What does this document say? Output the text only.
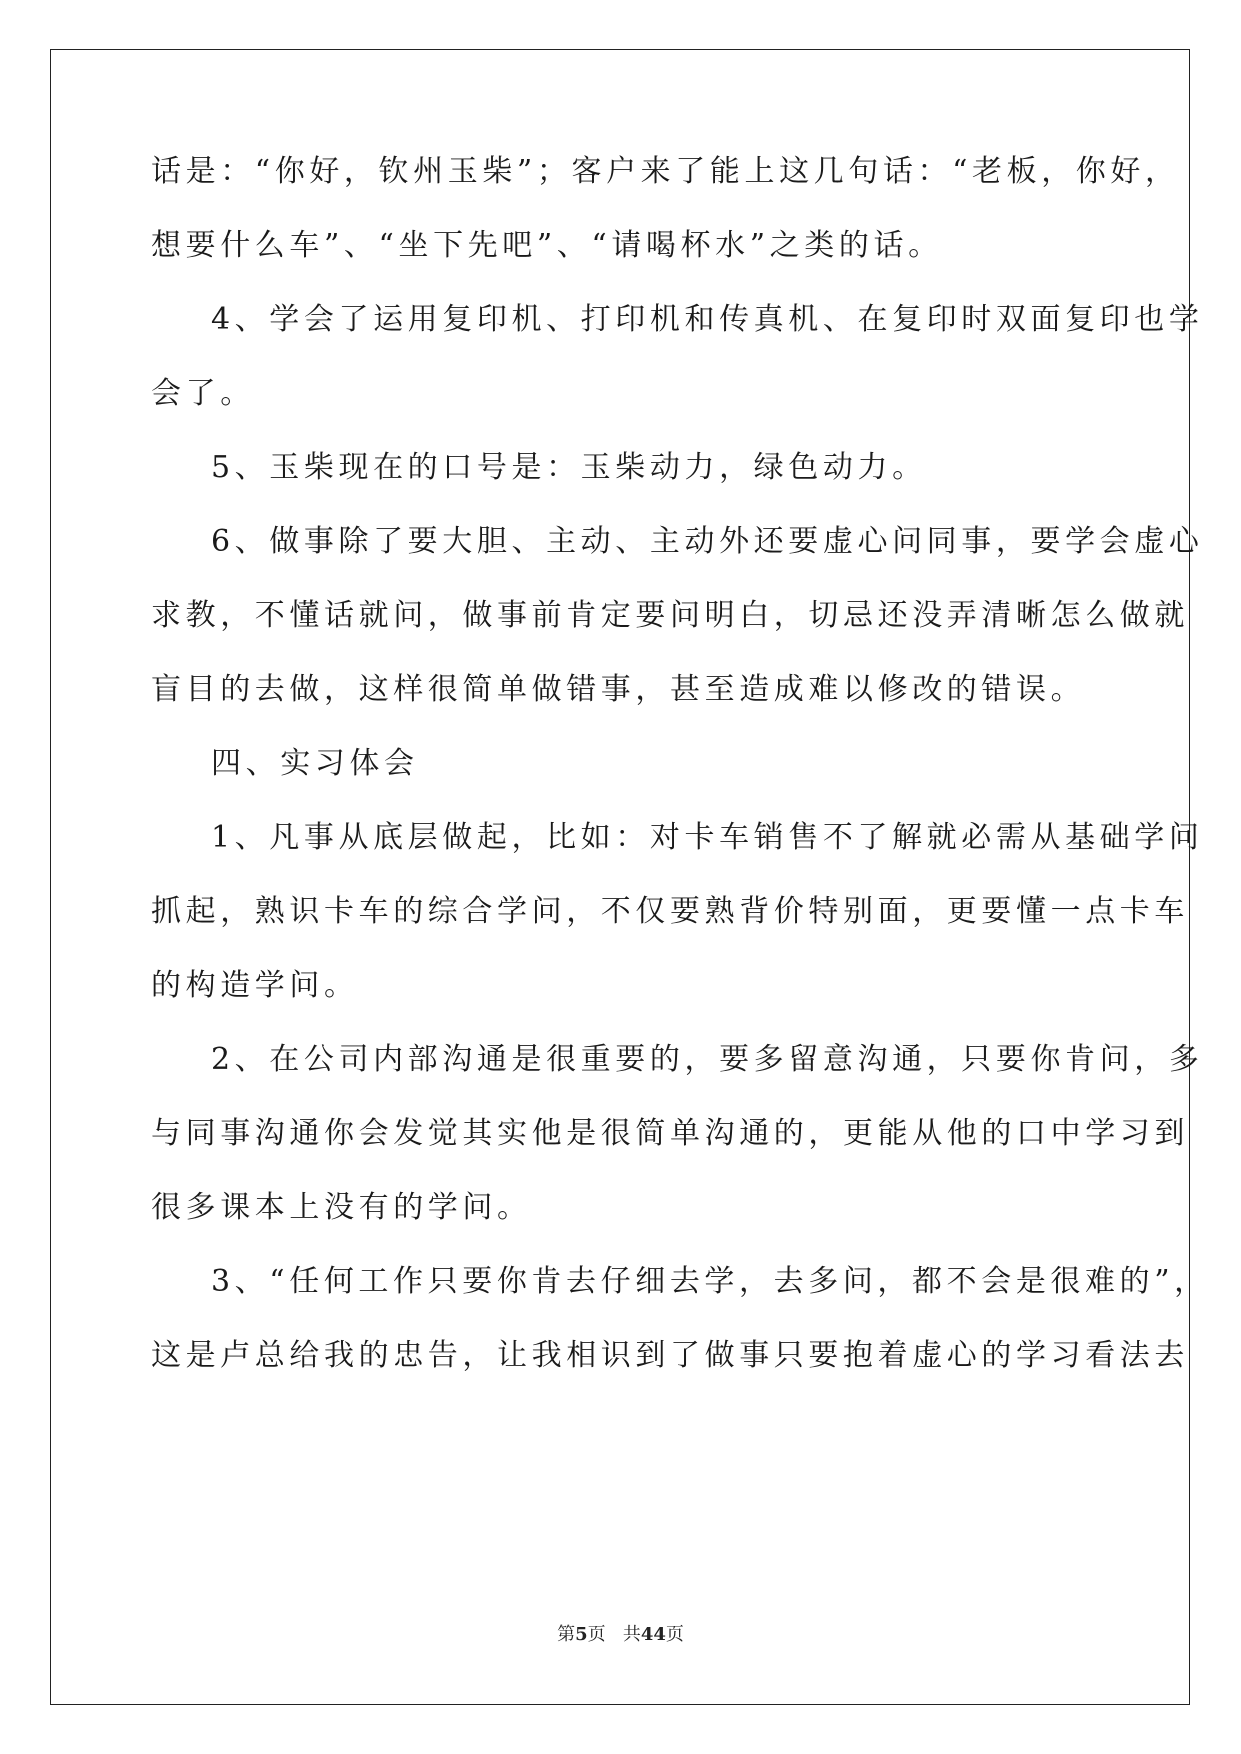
话是：“你好，钦州玉柴”；客户来了能上这几句话：“老板，你好，
想要什么车”、“坐下先吧”、“请喝杯水”之类的话。
4、学会了运用复印机、打印机和传真机、在复印时双面复印也学
会了。
5、玉柴现在的口号是：玉柴动力，绿色动力。
6、做事除了要大胆、主动、主动外还要虚心问同事，要学会虚心
求教，不懂话就问，做事前肯定要问明白，切忌还没弄清晰怎么做就
盲目的去做，这样很简单做错事，甚至造成难以修改的错误。
四、实习体会
1、凡事从底层做起，比如：对卡车销售不了解就必需从基础学问
抓起，熟识卡车的综合学问，不仅要熟背价特别面，更要懂一点卡车
的构造学问。
2、在公司内部沟通是很重要的，要多留意沟通，只要你肯问，多
与同事沟通你会发觉其实他是很简单沟通的，更能从他的口中学习到
很多课本上没有的学问。
3、“任何工作只要你肯去仔细去学，去多问，都不会是很难的”，
这是卢总给我的忠告，让我相识到了做事只要抱着虚心的学习看法去
第5页 共44页
